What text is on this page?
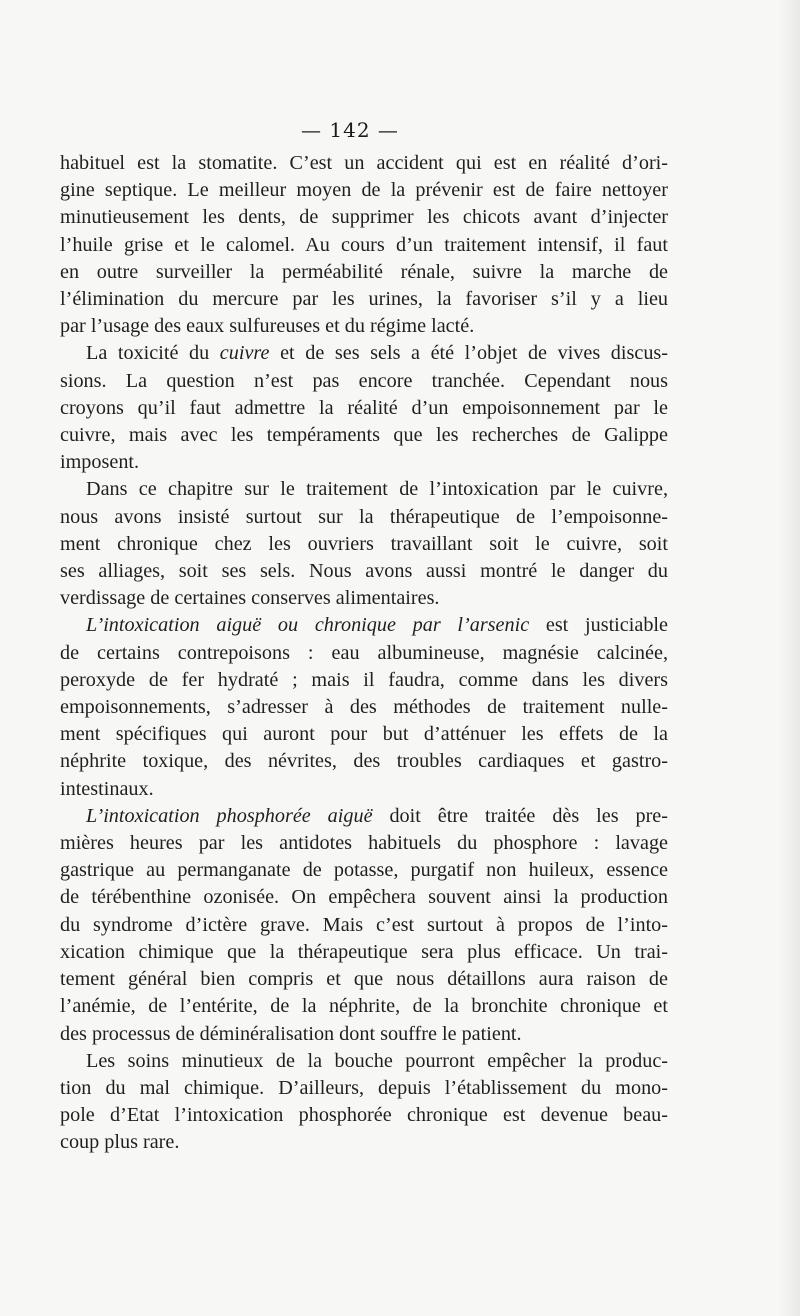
— 142 —

habituel est la stomatite. C’est un accident qui est en réalité d’ori-
gine septique. Le meilleur moyen de la prévenir est de faire nettoyer
minutieusement les dents, de supprimer les chicots avant d’injecter
l’huile grise et le calomel. Au cours d’un traitement intensif, il faut
en outre surveiller la perméabilité rénale, suivre la marche de
l’élimination du mercure par les urines, la favoriser s’il y a lieu
par l’usage des eaux sulfureuses et du régime lacté.

La toxicité du cuivre et de ses sels a été l’objet de vives discus-
sions. La question n’est pas encore tranchée. Cependant nous
croyons qu’il faut admettre la réalité d’un empoisonnement par le
cuivre, mais avec les tempéraments que les recherches de Galippe
imposent.

Dans ce chapitre sur le traitement de l’intoxication par le cuivre,
nous avons insisté surtout sur la thérapeutique de l’empoisonne-
ment chronique chez les ouvriers travaillant soit le cuivre, soit
ses alliages, soit ses sels. Nous avons aussi montré le danger du
verdissage de certaines conserves alimentaires.

L’intoxication aiguë ou chronique par l’arsenic est justiciable
de certains contrepoisons : eau albumineuse, magnésie calcinée,
peroxyde de fer hydraté ; mais il faudra, comme dans les divers
empoisonnements, s’adresser à des méthodes de traitement nulle-
ment spécifiques qui auront pour but d’atténuer les effets de la
néphrite toxique, des névrites, des troubles cardiaques et gastro-
intestinaux.

L’intoxication phosphorée aiguë doit être traitée dès les pre-
mières heures par les antidotes habituels du phosphore : lavage
gastrique au permanganate de potasse, purgatif non huileux, essence
de térébenthine ozonisée. On empêchera souvent ainsi la production
du syndrome d’ictère grave. Mais c’est surtout à propos de l’into-
xication chimique que la thérapeutique sera plus efficace. Un trai-
tement général bien compris et que nous détaillons aura raison de
l’anémie, de l’entérite, de la néphrite, de la bronchite chronique et
des processus de déminéralisation dont souffre le patient.

Les soins minutieux de la bouche pourront empêcher la produc-
tion du mal chimique. D’ailleurs, depuis l’établissement du mono-
pole d’Etat l’intoxication phosphorée chronique est devenue beau-
coup plus rare.
